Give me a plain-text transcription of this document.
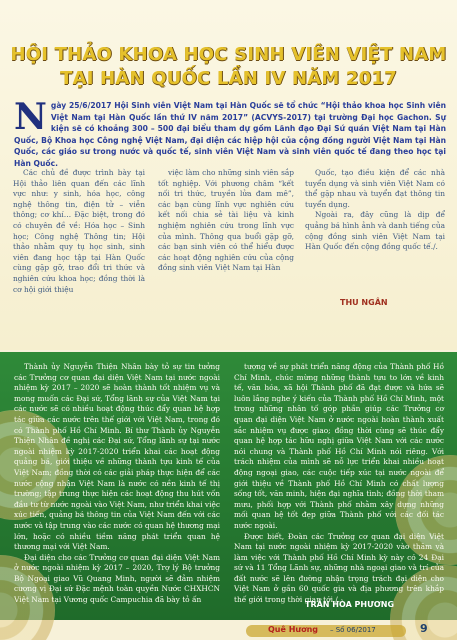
HỘI THẢO KHOA HỌC SINH VIÊN VIỆT NAM
TẠI HÀN QUỐC LẦN IV NĂM 2017
Ngày 25/6/2017 Hội Sinh viên Việt Nam tại Hàn Quốc sẽ tổ chức “Hội thảo khoa học Sinh viên Việt Nam tại Hàn Quốc lần thứ IV năm 2017” (ACVYS-2017) tại trường Đại học Gachon. Sự kiện sẽ có khoảng 300 – 500 đại biểu tham dự gồm Lãnh đạo Đại Sứ quán Việt Nam tại Hàn Quốc, Bộ Khoa học Công nghệ Việt Nam, đại diện các hiệp hội của cộng đồng người Việt Nam tại Hàn Quốc, các giáo sư trong nước và quốc tế, sinh viên Việt Nam và sinh viên quốc tế đang theo học tại Hàn Quốc.

Các chủ đề được trình bày tại Hội thảo liên quan đến các lĩnh vực như: y sinh, hóa học, công nghệ thông tin, điện tử – viễn thông; cơ khí… Đặc biệt, trong đó có chuyên đề về: Hóa học – Sinh học; Công nghệ Thông tin; Hội thảo nhằm quy tụ học sinh, sinh viên đang học tập tại Hàn Quốc cùng gặp gỡ, trao đổi tri thức và nghiên cứu khoa học; đồng thời là cơ hội giới thiệu

việc làm cho những sinh viên sắp tốt nghiệp. Với phương châm “kết nối tri thức, truyền lửa đam mê”, các bạn cùng lĩnh vực nghiên cứu kết nối chia sẻ tài liệu và kinh nghiệm nghiên cứu trong lĩnh vực của mình. Thông qua buổi gặp gỡ, các bạn sinh viên có thể hiểu được các hoạt động nghiên cứu của cộng đồng sinh viên Việt Nam tại Hàn

Quốc, tạo điều kiện để các nhà tuyển dụng và sinh viên Việt Nam có thể gặp nhau và tuyển đạt thông tin tuyển dụng.

Ngoài ra, đây cũng là dịp để quảng bá hình ảnh và danh tiếng của cộng đồng sinh viên Việt Nam tại Hàn Quốc đến cộng đồng quốc tế./.

THU NGÂN

Thành ủy Nguyễn Thiện Nhân bày tỏ sự tin tưởng các Trưởng cơ quan đại diện Việt Nam tại nước ngoài nhiệm kỳ 2017 – 2020 sẽ hoàn thành tốt nhiệm vụ và mong muốn các Đại sứ, Tổng lãnh sự của Việt Nam tại các nước sẽ có nhiều hoạt động thúc đẩy quan hệ hợp tác giữa các nước trên thế giới với Việt Nam, trong đó có Thành phố Hồ Chí Minh. Bí thư Thành ủy Nguyễn Thiện Nhân đề nghị các Đại sứ, Tổng lãnh sự tại nước ngoài nhiệm kỳ 2017-2020 triển khai các hoạt động quảng bá, giới thiệu về những thành tựu kinh tế của Việt Nam; đồng thời có các giải pháp thực hiện để các nước cộng nhận Việt Nam là nước có nền kinh tế thị trường; tập trung thực hiện các hoạt động thu hút vốn đầu tư từ nước ngoài vào Việt Nam, như triển khai việc xúc tiến, quảng bá thông tin của Việt Nam đến với các nước và tập trung vào các nước có quan hệ thương mại lớn, hoặc có nhiều tiềm năng phát triển quan hệ thương mại với Việt Nam.

Đại diện cho các Trưởng cơ quan đại diện Việt Nam ở nước ngoài nhiệm kỳ 2017 – 2020, Trợ lý Bộ trưởng Bộ Ngoại giao Vũ Quang Minh, người sẽ đảm nhiệm cương vị Đại sứ Đặc mệnh toàn quyền Nước CHXHCN Việt Nam tại Vương quốc Campuchia đã bày tỏ ấn

tượng về sự phát triển năng động của Thành phố Hồ Chí Minh, chúc mừng những thành tựu to lớn về kinh tế, văn hóa, xã hội Thành phố đã đạt được và hứa sẽ luôn lắng nghe ý kiến của Thành phố Hồ Chí Minh, một trong những nhân tố góp phần giúp các Trưởng cơ quan đại diện Việt Nam ở nước ngoài hoàn thành xuất sắc nhiệm vụ được giao; đồng thời cùng sẽ thúc đẩy quan hệ hợp tác hữu nghị giữa Việt Nam với các nước nói chung và Thành phố Hồ Chí Minh nói riêng. Với trách nhiệm của mình sẽ nỗ lực triển khai nhiều hoạt động ngoại giao, các cuộc tiếp xúc tại nước ngoài để giới thiệu về Thành phố Hồ Chí Minh có chất lượng sống tốt, văn minh, hiện đại nghĩa tình; đồng thời tham mưu, phối hợp với Thành phố nhằm xây dựng những mối quan hệ tốt đẹp giữa Thành phố với các đối tác nước ngoài.

Được biết, Đoàn các Trưởng cơ quan đại diện Việt Nam tại nước ngoài nhiệm kỳ 2017-2020 vào thăm và làm việc với Thành phố Hồ Chí Minh kỳ này có 24 Đại sứ và 11 Tổng Lãnh sự, những nhà ngoại giao và trí của đất nước sẽ lên đường nhận trọng trách đại diện cho Việt Nam ở gần 60 quốc gia và địa phương trên khắp thế giới trong thời gian tới./.

TRẦN HÒA PHƯƠNG
Quê Hương – Số 06/2017	9
